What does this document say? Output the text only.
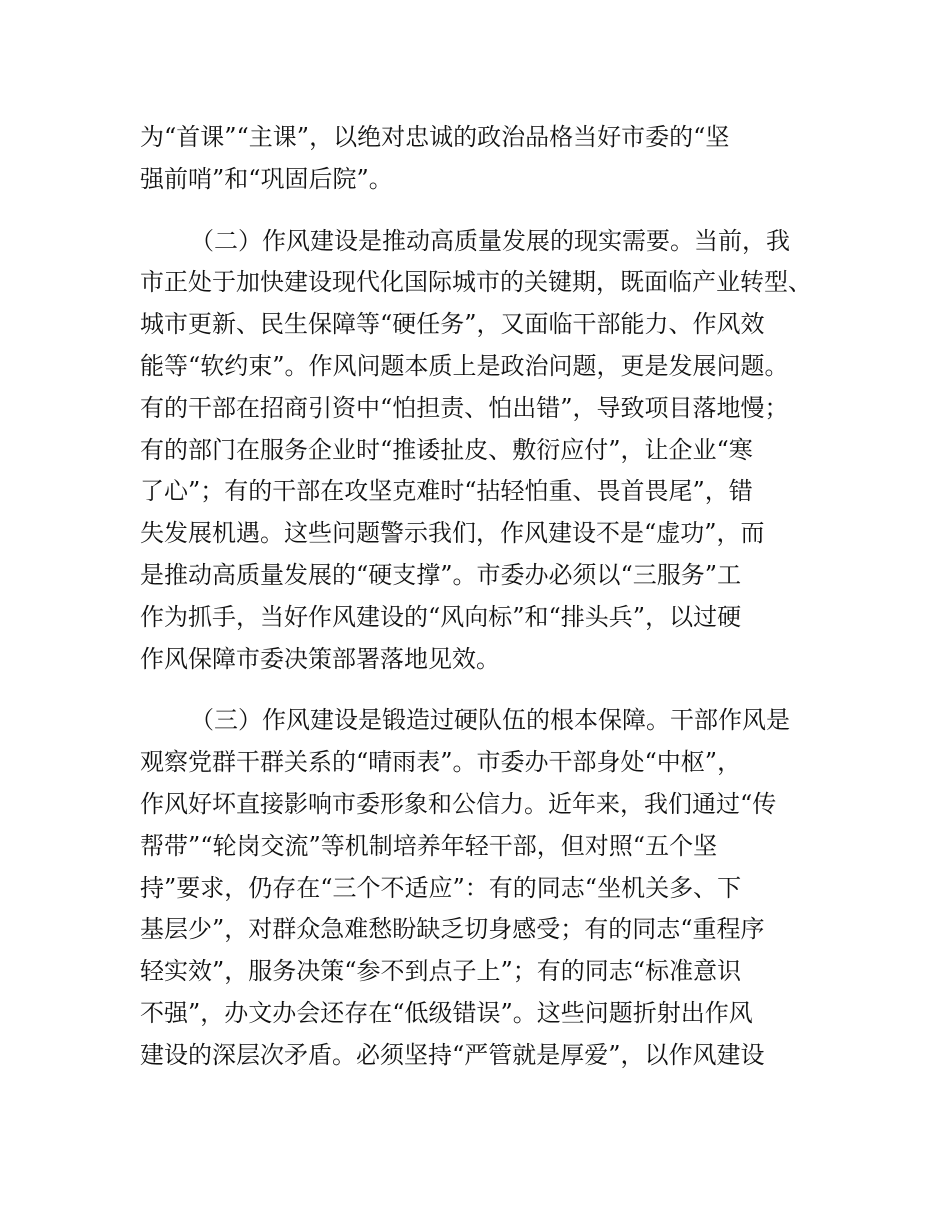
为“首课”“主课”，以绝对忠诚的政治品格当好市委的“坚
强前哨”和“巩固后院”。
（二）作风建设是推动高质量发展的现实需要。当前，我
市正处于加快建设现代化国际城市的关键期，既面临产业转型、
城市更新、民生保障等“硬任务”，又面临干部能力、作风效
能等“软约束”。作风问题本质上是政治问题，更是发展问题。
有的干部在招商引资中“怕担责、怕出错”，导致项目落地慢；
有的部门在服务企业时“推诿扯皮、敷衍应付”，让企业“寒
了心”；有的干部在攻坚克难时“拈轻怕重、畏首畏尾”，错
失发展机遇。这些问题警示我们，作风建设不是“虚功”，而
是推动高质量发展的“硬支撑”。市委办必须以“三服务”工
作为抓手，当好作风建设的“风向标”和“排头兵”，以过硬
作风保障市委决策部署落地见效。
（三）作风建设是锻造过硬队伍的根本保障。干部作风是
观察党群干群关系的“晴雨表”。市委办干部身处“中枢”，
作风好坏直接影响市委形象和公信力。近年来，我们通过“传
帮带”“轮岗交流”等机制培养年轻干部，但对照“五个坚
持”要求，仍存在“三个不适应”：有的同志“坐机关多、下
基层少”，对群众急难愁盼缺乏切身感受；有的同志“重程序
轻实效”，服务决策“参不到点子上”；有的同志“标准意识
不强”，办文办会还存在“低级错误”。这些问题折射出作风
建设的深层次矛盾。必须坚持“严管就是厚爱”，以作风建设
